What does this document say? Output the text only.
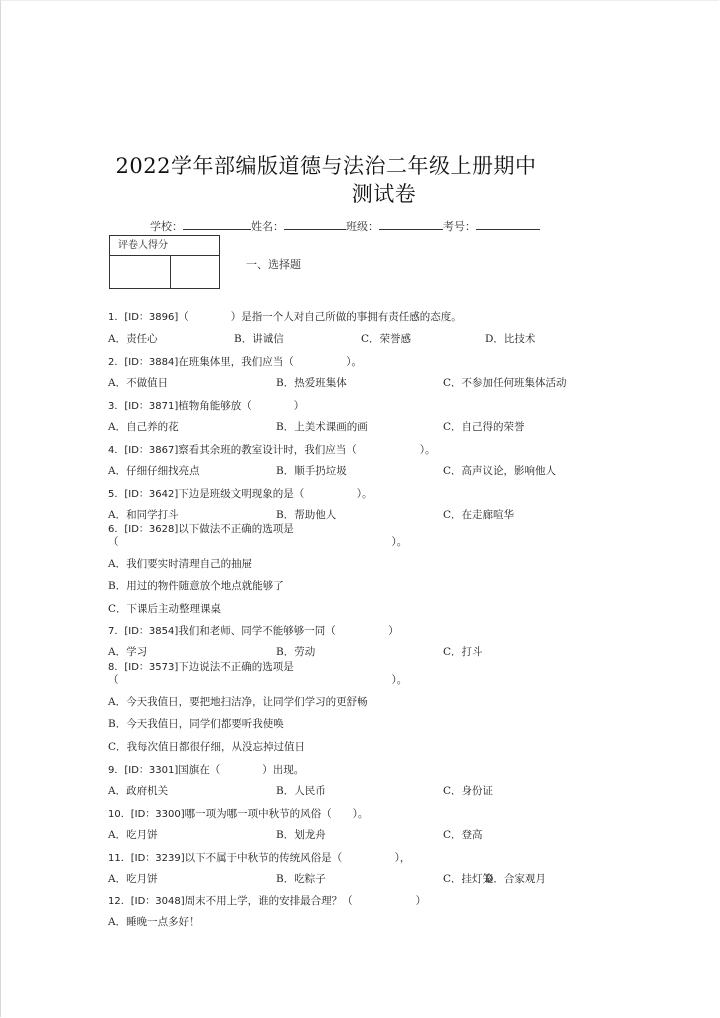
2022学年部编版道德与法治二年级上册期中
测试卷
学校：	姓名：	班级：	考号：
评卷人得分
一、选择题
1．[ID：3896]（　　　　）是指一个人对自己所做的事拥有责任感的态度。
A．责任心	B．讲诚信	C．荣誉感	D．比技术
2．[ID：3884]在班集体里，我们应当（　　　　　）。
A．不做值日	B．热爱班集体	C．不参加任何班集体活动
3．[ID：3871]植物角能够放（　　　　）
A．自己养的花	B．上美术课画的画	C．自己得的荣誉
4．[ID：3867]察看其余班的教室设计时，我们应当（　　　　　　）。
A．仔细仔细找亮点	B．顺手扔垃圾	C．高声议论，影响他人
5．[ID：3642]下边是班级文明现象的是（　　　　　）。
A．和同学打斗	B．帮助他人	C．在走廊喧华
6．[ID：3628]以下做法不正确的选项是
（　　　　　　　　　　　　　　　　　　　　　　　　　　）。
A．我们要实时清理自己的抽屉
B．用过的物件随意放个地点就能够了
C．下课后主动整理课桌
7．[ID：3854]我们和老师、同学不能够够一同（　　　　　）
A．学习	B．劳动	C．打斗
8．[ID：3573]下边说法不正确的选项是
（　　　　　　　　　　　　　　　　　　　　　　　　　　）。
A．今天我值日，要把地扫洁净，让同学们学习的更舒畅
B．今天我值日，同学们都要听我使唤
C．我每次值日都很仔细，从没忘掉过值日
9．[ID：3301]国旗在（　　　　）出现。
A．政府机关	B．人民币	C．身份证
10．[ID：3300]哪一项为哪一项中秋节的风俗（　　）。
A．吃月饼	B．划龙舟	C．登高
11．[ID：3239]以下不属于中秋节的传统风俗是（　　　　　），
A．吃月饼	B．吃粽子	C．挂灯笼
D．合家观月
12．[ID：3048]周末不用上学，谁的安排最合理？（　　　　　　）
A．睡晚一点多好！
